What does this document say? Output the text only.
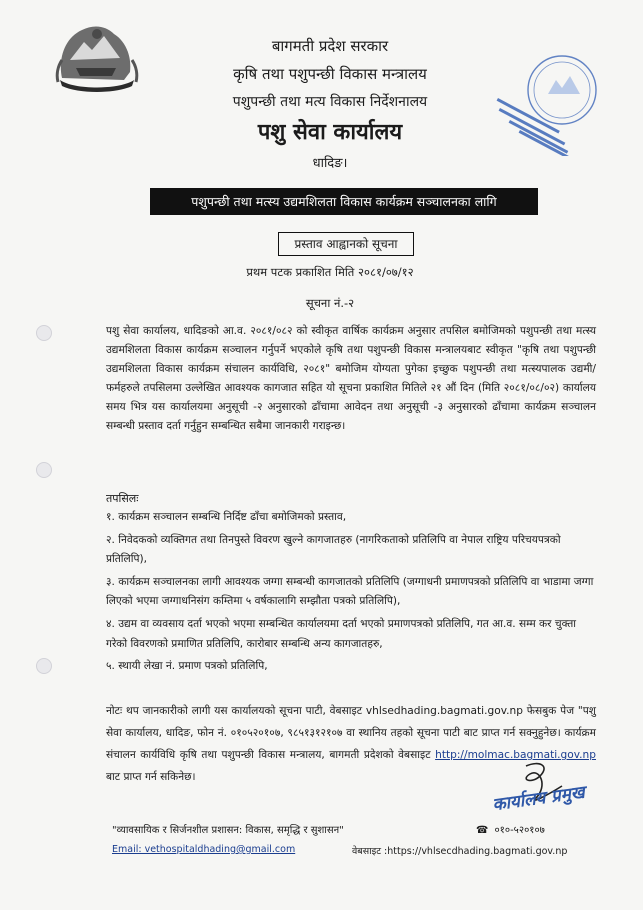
बागमती प्रदेश सरकार
कृषि तथा पशुपन्छी विकास मन्त्रालय
पशुपन्छी तथा मत्य विकास निर्देशनालय
पशु सेवा कार्यालय
धादिङ।
पशुपन्छी तथा मत्स्य उद्यमशिलता विकास कार्यक्रम सञ्चालनका लागि
प्रस्ताव आह्वानको सूचना
प्रथम पटक प्रकाशित मिति २०८१/०७/१२
सूचना नं.-२
पशु सेवा कार्यालय, धादिङको आ.व. २०८१/०८२ को स्वीकृत वार्षिक कार्यक्रम अनुसार तपसिल बमोजिमको पशुपन्छी तथा मत्स्य उद्यमशिलता विकास कार्यक्रम सञ्चालन गर्नुपर्ने भएकोले कृषि तथा पशुपन्छी विकास मन्त्रालयबाट स्वीकृत "कृषि तथा पशुपन्छी उद्यमशिलता विकास कार्यक्रम संचालन कार्यविधि, २०८१" बमोजिम योग्यता पुगेका इच्छुक पशुपन्छी तथा मत्स्यपालक उद्यमी/ फर्महरुले तपसिलमा उल्लेखित आवश्यक कागजात सहित यो सूचना प्रकाशित मितिले २१ औं दिन (मिति २०८१/०८/०२) कार्यालय समय भित्र यस कार्यालयमा अनुसूची -२ अनुसारको ढाँचामा आवेदन तथा अनुसूची -३ अनुसारको ढाँचामा कार्यक्रम सञ्चालन सम्बन्धी प्रस्ताव दर्ता गर्नुहुन सम्बन्धित सबैमा जानकारी गराइन्छ।
तपसिलः
१. कार्यक्रम सञ्चालन सम्बन्धि निर्दिष्ट ढाँचा बमोजिमको प्रस्ताव,
२. निवेदकको व्यक्तिगत तथा तिनपुस्ते विवरण खुल्ने कागजातहरु (नागरिकताको प्रतिलिपि वा नेपाल राष्ट्रिय परिचयपत्रको प्रतिलिपि),
३. कार्यक्रम सञ्चालनका लागी आवश्यक जग्गा सम्बन्धी कागजातको प्रतिलिपि (जग्गाधनी प्रमाणपत्रको प्रतिलिपि वा भाडामा जग्गा लिएको भएमा जग्गाधनिसंग कम्तिमा ५ वर्षकालागि सम्झौता पत्रको प्रतिलिपि),
४. उद्यम वा व्यवसाय दर्ता भएको भएमा सम्बन्धित कार्यालयमा दर्ता भएको प्रमाणपत्रको प्रतिलिपि, गत आ.व. सम्म कर चुक्ता गरेको विवरणको प्रमाणित प्रतिलिपि, कारोबार सम्बन्धि अन्य कागजातहरु,
५. स्थायी लेखा नं. प्रमाण पत्रको प्रतिलिपि,
नोटः थप जानकारीको लागी यस कार्यालयको सूचना पाटी, वेबसाइट vhlsedhading.bagmati.gov.np फेसबुक पेज "पशु सेवा कार्यालय, धादिङ, फोन नं. ०१०५२०१०७, ९८५१३१२१०७ वा स्थानिय तहको सूचना पाटी बाट प्राप्त गर्न सक्नुहुनेछ। कार्यक्रम संचालन कार्यविधि कृषि तथा पशुपन्छी विकास मन्त्रालय, बागमती प्रदेशको वेबसाइट http://molmac.bagmati.gov.np बाट प्राप्त गर्न सकिनेछ।
कार्यालय प्रमुख
"व्यावसायिक र सिर्जनशील प्रशासन: विकास, समृद्धि र सुशासन"	☎ ०१०-५२०१०७
Email: vethospitaldhading@gmail.com	वेबसाइट :https://vhlsecdhading.bagmati.gov.np
